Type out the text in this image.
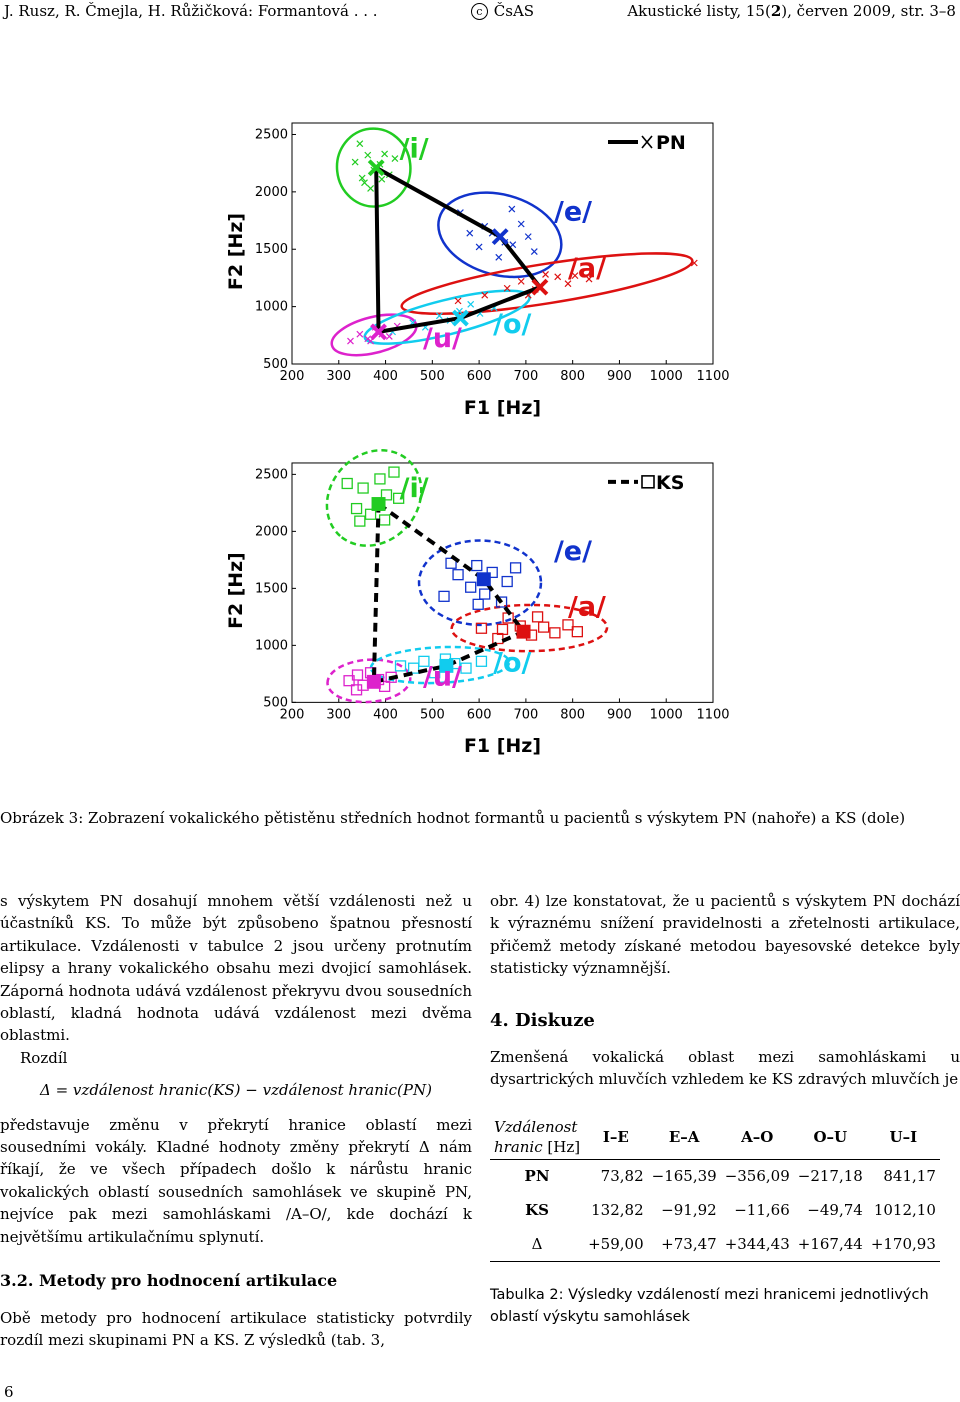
J. Rusz, R. Čmejla, H. Růžičková: Formantová . . .	c ČsAS	Akustické listy, 15(2), červen 2009, str. 3–8
200 300 400 500 600 700 800 900 1000 1100
500
1000
1500
2000
2500
F1 [Hz]
F2 [Hz]
/i/
/e/
/a/
/u/ /o/
PN
200 300 400 500 600 700 800 900 1000 1100
500
1000
1500
2000
2500
F1 [Hz]
F2 [Hz]
/i/
/e/
/a/
/u/ /o/
KS
Obrázek 3: Zobrazení vokalického pětistěnu středních hodnot formantů u pacientů s výskytem PN (nahoře) a KS (dole)

s výskytem PN dosahují mnohem větší vzdálenosti než u účastníků KS. To může být způsobeno špatnou přesností artikulace. Vzdálenosti v tabulce 2 jsou určeny protnutím elipsy a hrany vokalického obsahu mezi dvojicí samohlásek. Záporná hodnota udává vzdálenost překryvu dvou sousedních oblastí, kladná hodnota udává vzdálenost mezi dvěma oblastmi.

Rozdíl

Δ = vzdálenost hranic(KS) − vzdálenost hranic(PN)

představuje změnu v překrytí hranice oblastí mezi sousedními vokály. Kladné hodnoty změny překrytí Δ nám říkají, že ve všech případech došlo k nárůstu hranic vokalických oblastí sousedních samohlásek ve skupině PN, nejvíce pak mezi samohláskami /A–O/, kde dochází k největšímu artikulačnímu splynutí.

3.2. Metody pro hodnocení artikulace

Obě metody pro hodnocení artikulace statisticky potvrdily rozdíl mezi skupinami PN a KS. Z výsledků (tab. 3,

obr. 4) lze konstatovat, že u pacientů s výskytem PN dochází k výraznému snížení pravidelnosti a zřetelnosti artikulace, přičemž metody získané metodou bayesovské detekce byly statisticky významnější.

4. Diskuze

Zmenšená vokalická oblast mezi samohláskami u dysartrických mluvčích vzhledem ke KS zdravých mluvčích je

Vzdálenost
hranic [Hz]	I–E	E–A	A–O	O–U	U–I
PN	73,82	−165,39	−356,09	−217,18	841,17
KS	132,82	−91,92	−11,66	−49,74	1012,10
Δ	+59,00	+73,47	+344,43	+167,44	+170,93

Tabulka 2: Výsledky vzdáleností mezi hranicemi jednotlivých oblastí výskytu samohlásek

6
